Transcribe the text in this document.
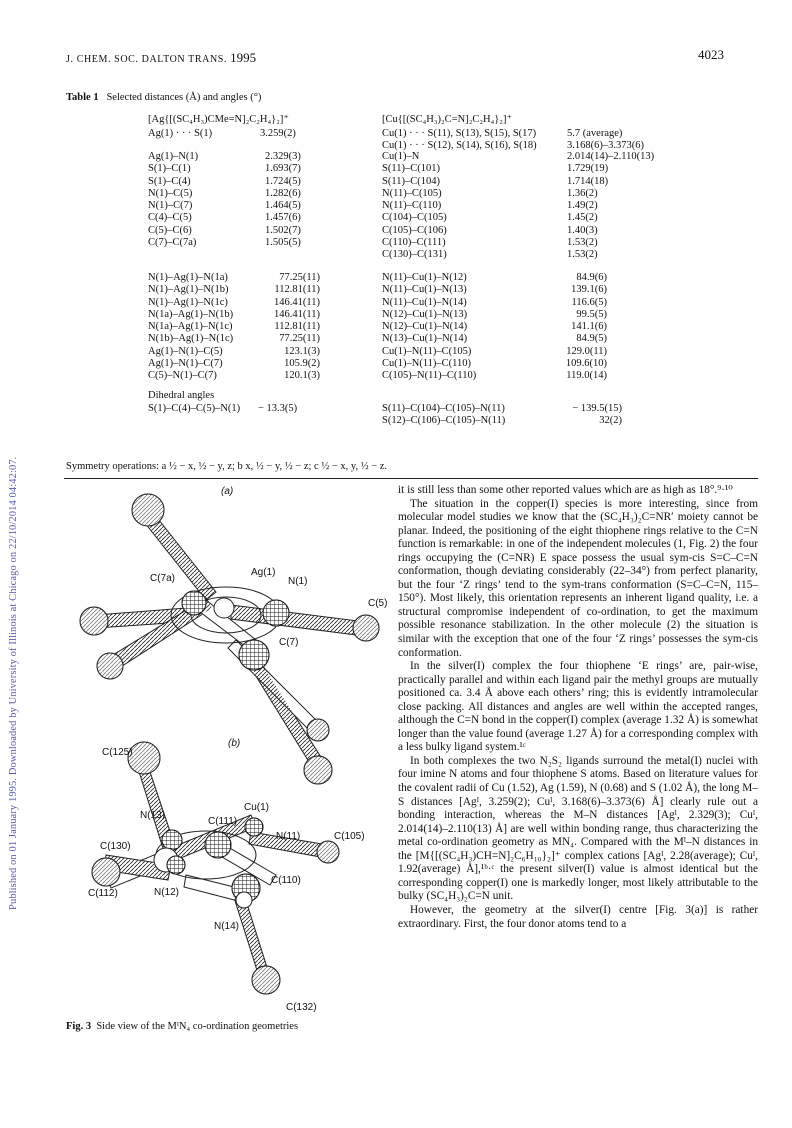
Published on 01 January 1995. Downloaded by University of Illinois at Chicago on 22/10/2014 04:42:07.
J. CHEM. SOC. DALTON TRANS. 1995	4023
Table 1 Selected distances (Å) and angles (°)
[Ag{[(SC₄H₃)CMe=N]₂C₂H₄}₂]⁺
Ag(1) · · · S(1)	3.259(2)
Ag(1)–N(1)	2.329(3)
S(1)–C(1)	1.693(7)
S(1)–C(4)	1.724(5)
N(1)–C(5)	1.282(6)
N(1)–C(7)	1.464(5)
C(4)–C(5)	1.457(6)
C(5)–C(6)	1.502(7)
C(7)–C(7a)	1.505(5)
N(1)–Ag(1)–N(1a)	77.25(11)
N(1)–Ag(1)–N(1b)	112.81(11)
N(1)–Ag(1)–N(1c)	146.41(11)
N(1a)–Ag(1)–N(1b)	146.41(11)
N(1a)–Ag(1)–N(1c)	112.81(11)
N(1b)–Ag(1)–N(1c)	77.25(11)
Ag(1)–N(1)–C(5)	123.1(3)
Ag(1)–N(1)–C(7)	105.9(2)
C(5)–N(1)–C(7)	120.1(3)
Dihedral angles
S(1)–C(4)–C(5)–N(1)	− 13.3(5)
[Cu{[(SC₄H₃)₂C=N]₂C₂H₄}₂]⁺
Cu(1) · · · S(11), S(13), S(15), S(17)	5.7 (average)
Cu(1) · · · S(12), S(14), S(16), S(18)	3.168(6)–3.373(6)
Cu(1)–N	2.014(14)–2.110(13)
S(11)–C(101)	1.729(19)
S(11)–C(104)	1.714(18)
N(11)–C(105)	1.36(2)
N(11)–C(110)	1.49(2)
C(104)–C(105)	1.45(2)
C(105)–C(106)	1.40(3)
C(110)–C(111)	1.53(2)
C(130)–C(131)	1.53(2)
N(11)–Cu(1)–N(12)	84.9(6)
N(11)–Cu(1)–N(13)	139.1(6)
N(11)–Cu(1)–N(14)	116.6(5)
N(12)–Cu(1)–N(13)	99.5(5)
N(12)–Cu(1)–N(14)	141.1(6)
N(13)–Cu(1)–N(14)	84.9(5)
Cu(1)–N(11)–C(105)	129.0(11)
Cu(1)–N(11)–C(110)	109.6(10)
C(105)–N(11)–C(110)	119.0(14)
S(11)–C(104)–C(105)–N(11)	− 139.5(15)
S(12)–C(106)–C(105)–N(11)	32(2)
Symmetry operations: a ½ − x, ½ − y, z; b x, ½ − y, ½ − z; c ½ − x, y, ½ − z.
(a)
C(7a)
Ag(1)
N(1)
C(5)
C(7)
(b)
C(125)
N(13)
C(111)
Cu(1)
N(11)	C(105)
C(130)
C(112)	N(12)
C(110)
N(14)
C(132)
Fig. 3 Side view of the MᴵN₄ co-ordination geometries

it is still less than some other reported values which are as high as 18°.⁹·¹⁰

The situation in the copper(I) species is more interesting, since from molecular model studies we know that the (SC₄H₃)₂C=NR′ moiety cannot be planar. Indeed, the positioning of the eight thiophene rings relative to the C=N function is remarkable: in one of the independent molecules (1, Fig. 2) the four rings occupying the (C=NR) E space possess the usual sym-cis S=C–C=N conformation, though deviating considerably (22–34°) from perfect planarity, but the four ‘Z rings’ tend to the sym-trans conformation (S=C–C=N, 115–150°). Most likely, this orientation represents an inherent ligand quality, i.e. a structural compromise independent of co-ordination, to get the maximum possible resonance stabilization. In the other molecule (2) the situation is similar with the exception that one of the four ‘Z rings’ possesses the sym-cis conformation.

In the silver(I) complex the four thiophene ‘E rings’ are, pair-wise, practically parallel and within each ligand pair the methyl groups are mutually positioned ca. 3.4 Å above each others’ ring; this is evidently intramolecular close packing. All distances and angles are well within the accepted ranges, although the C=N bond in the copper(I) complex (average 1.32 Å) is somewhat longer than the value found (average 1.27 Å) for a corresponding complex with a less bulky ligand system.¹ᶜ

In both complexes the two N₂S₂ ligands surround the metal(I) nuclei with four imine N atoms and four thiophene S atoms. Based on literature values for the covalent radii of Cu (1.52), Ag (1.59), N (0.68) and S (1.02 Å), the long M–S distances [Agᴵ, 3.259(2); Cuᴵ, 3.168(6)–3.373(6) Å] clearly rule out a bonding interaction, whereas the M–N distances [Agᴵ, 2.329(3); Cuᴵ, 2.014(14)–2.110(13) Å] are well within bonding range, thus characterizing the metal co-ordination geometry as MN₄. Compared with the Mᴵ–N distances in the [M{[(SC₄H₃)CH=N]₂C₆H₁₀}₂]⁺ complex cations [Agᴵ, 2.28(average); Cuᴵ, 1.92(average) Å],¹ᵇ·ᶜ the present silver(I) value is almost identical but the corresponding copper(I) one is markedly longer, most likely attributable to the bulky (SC₄H₃)₂C=N unit.

However, the geometry at the silver(I) centre [Fig. 3(a)] is rather extraordinary. First, the four donor atoms tend to a
